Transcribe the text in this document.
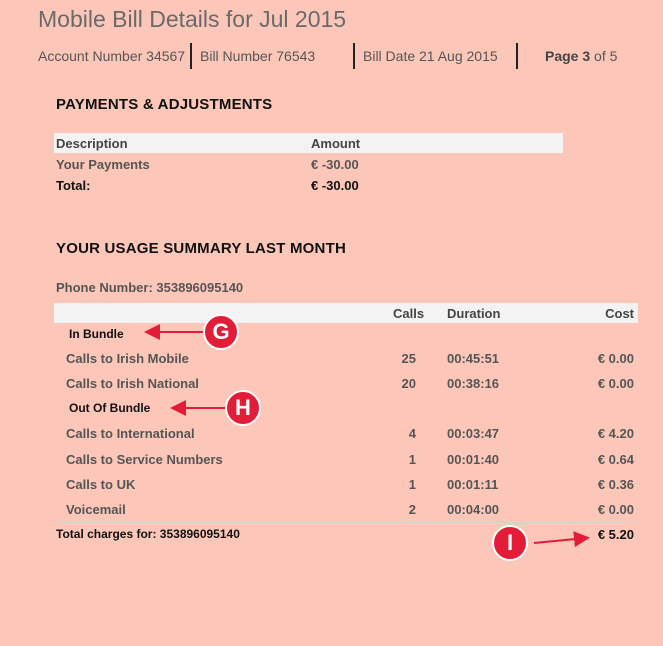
Mobile Bill Details for Jul 2015
Account Number 34567 Bill Number 76543	Bill Date 21 Aug 2015	Page 3 of 5
PAYMENTS & ADJUSTMENTS
Description	Amount
Your Payments	€ -30.00
Total:	€ -30.00
YOUR USAGE SUMMARY LAST MONTH
Phone Number: 353896095140
Calls Duration	Cost
In Bundle
Calls to Irish Mobile	25 00:45:51	€ 0.00
Calls to Irish National	20 00:38:16	€ 0.00
Out Of Bundle
Calls to International	4 00:03:47	€ 4.20
Calls to Service Numbers	1 00:01:40	€ 0.64
Calls to UK	1 00:01:11	€ 0.36
Voicemail	2 00:04:00	€ 0.00
Total charges for: 353896095140	€ 5.20
G
H
I
